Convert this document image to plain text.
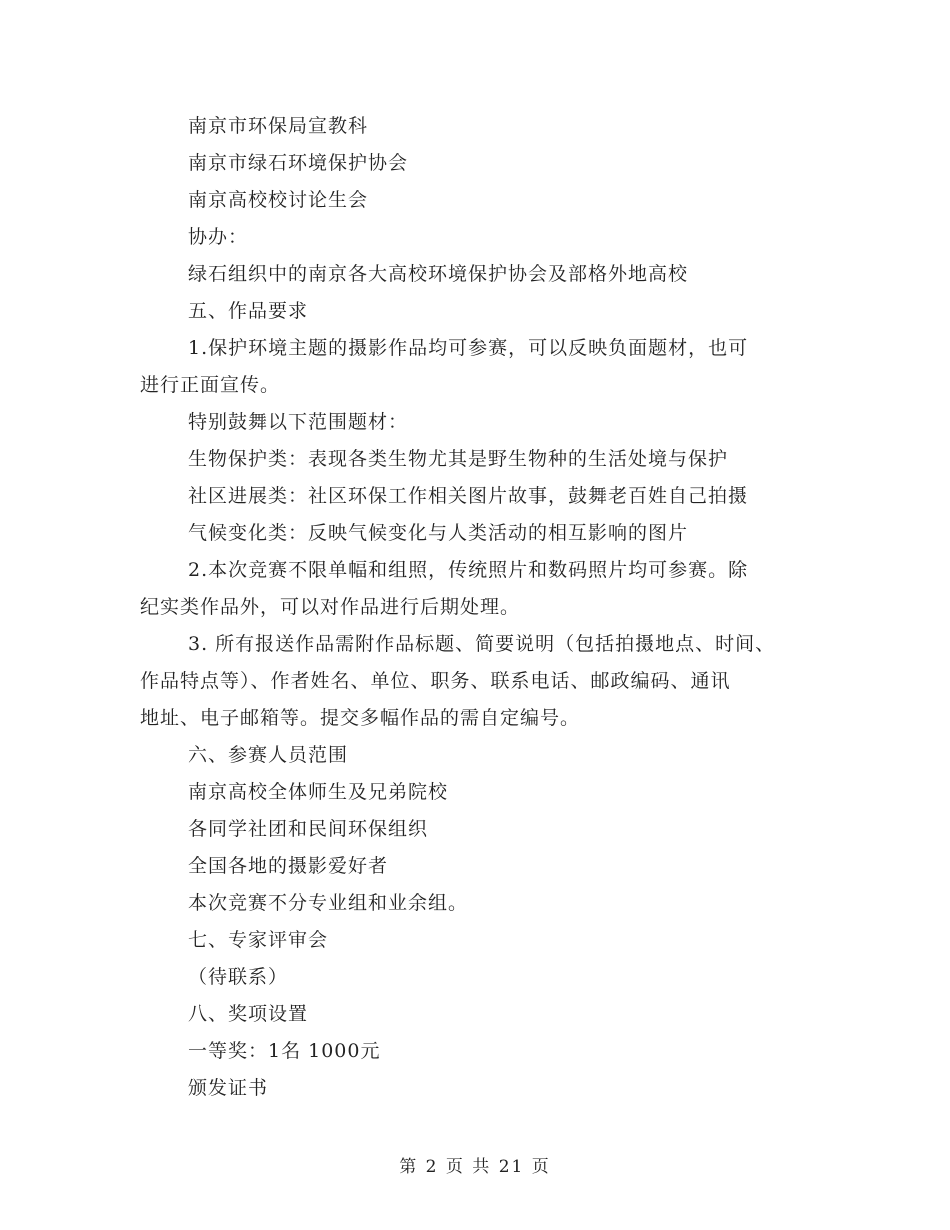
南京市环保局宣教科
南京市绿石环境保护协会
南京高校校讨论生会
协办：
绿石组织中的南京各大高校环境保护协会及部格外地高校
五、作品要求
1.保护环境主题的摄影作品均可参赛，可以反映负面题材，也可
进行正面宣传。
特别鼓舞以下范围题材：
生物保护类：表现各类生物尤其是野生物种的生活处境与保护
社区进展类：社区环保工作相关图片故事，鼓舞老百姓自己拍摄
气候变化类：反映气候变化与人类活动的相互影响的图片
2.本次竞赛不限单幅和组照，传统照片和数码照片均可参赛。除
纪实类作品外，可以对作品进行后期处理。
3. 所有报送作品需附作品标题、简要说明（包括拍摄地点、时间、
作品特点等）、作者姓名、单位、职务、联系电话、邮政编码、通讯
地址、电子邮箱等。提交多幅作品的需自定编号。
六、参赛人员范围
南京高校全体师生及兄弟院校
各同学社团和民间环保组织
全国各地的摄影爱好者
本次竞赛不分专业组和业余组。
七、专家评审会
（待联系）
八、奖项设置
一等奖：1名 1000元
颁发证书
第 2 页 共 21 页
